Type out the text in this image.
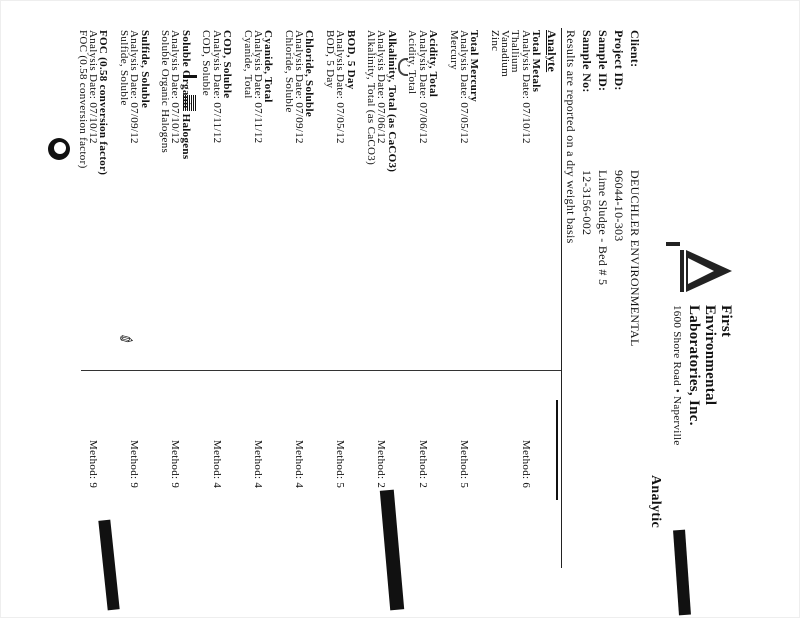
✎
First
Environmental
Laboratories, Inc.
1600 Shore Road • Naperville
Analytic
Client:
DEUCHLER ENVIRONMENTAL
Project ID:
96044-10-303
Sample ID:
Lime Sludge - Bed # 5
Sample No:
12-3156-002
Results are reported on a dry weight basis
Analyte
Total Metals
Analysis Date: 07/10/12
Thallium
Vanadium
Zinc
Total Mercury
Analysis Date: 07/05/12
Mercury
Acidity, Total
Analysis Date: 07/06/12
Acidity, Total
Alkalinity, Total (as CaCO3)
Analysis Date: 07/06/12
Alkalinity, Total (as CaCO3)
BOD, 5 Day
Analysis Date: 07/05/12
BOD, 5 Day
Chloride, Soluble
Analysis Date: 07/09/12
Chloride, Soluble
Cyanide, Total
Analysis Date: 07/11/12
Cyanide, Total
COD, Soluble
Analysis Date: 07/11/12
COD, Soluble
Soluble Organic Halogens
Analysis Date: 07/10/12
Soluble Organic Halogens
Sulfide, Soluble
Analysis Date: 07/09/12
Sulfide, Soluble
FOC (0.58 conversion factor)
Analysis Date: 07/10/12
FOC (0.58 conversion factor)
Method: 6
Method: 5
Method: 2
Method: 2
Method: 5
Method: 4
Method: 4
Method: 4
Method: 9
Method: 9
Method: 9
